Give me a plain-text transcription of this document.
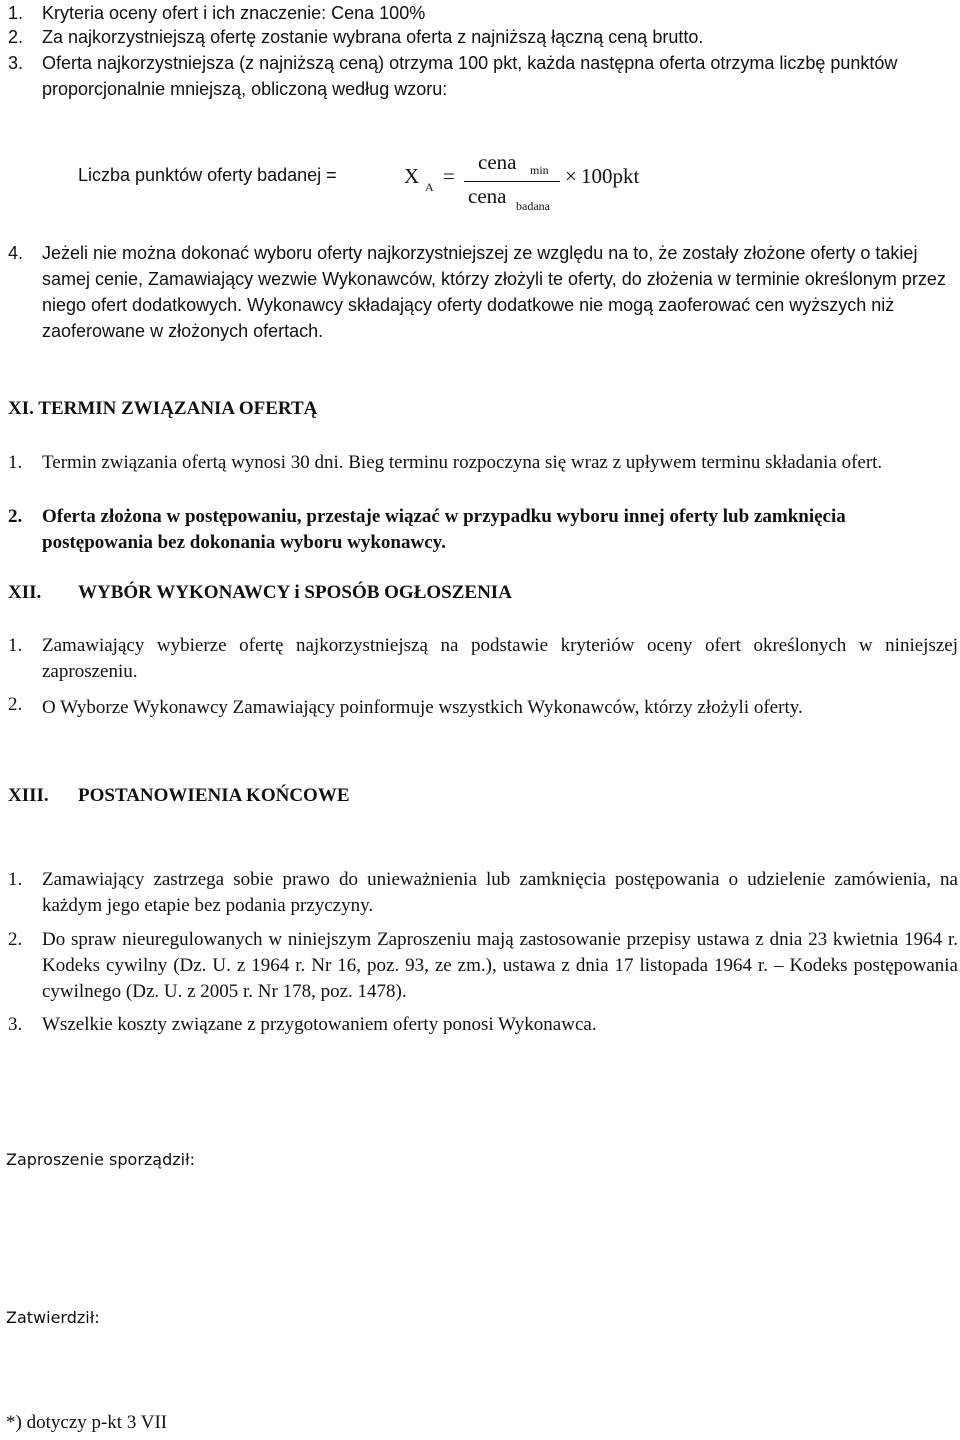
1. Kryteria oceny ofert i ich znaczenie: Cena 100%
2. Za najkorzystniejszą ofertę zostanie wybrana oferta z najniższą łączną ceną brutto.
3. Oferta najkorzystniejsza (z najniższą ceną) otrzyma 100 pkt, każda następna oferta otrzyma liczbę punktów proporcjonalnie mniejszą, obliczoną według wzoru:
Liczba punktów oferty badanej =	X A =
cena min
cena badana
× 100pkt
4. Jeżeli nie można dokonać wyboru oferty najkorzystniejszej ze względu na to, że zostały złożone oferty o takiej samej cenie, Zamawiający wezwie Wykonawców, którzy złożyli te oferty, do złożenia w terminie określonym przez niego ofert dodatkowych. Wykonawcy składający oferty dodatkowe nie mogą zaoferować cen wyższych niż zaoferowane w złożonych ofertach.
XI. TERMIN ZWIĄZANIA OFERTĄ
1. Termin związania ofertą wynosi 30 dni. Bieg terminu rozpoczyna się wraz z upływem terminu składania ofert.
2. Oferta złożona w postępowaniu, przestaje wiązać w przypadku wyboru innej oferty lub zamknięcia postępowania bez dokonania wyboru wykonawcy.
XII. WYBÓR WYKONAWCY i SPOSÓB OGŁOSZENIA
1. Zamawiający wybierze ofertę najkorzystniejszą na podstawie kryteriów oceny ofert określonych w niniejszej zaproszeniu.
2. O Wyborze Wykonawcy Zamawiający poinformuje wszystkich Wykonawców, którzy złożyli oferty.
XIII. POSTANOWIENIA KOŃCOWE
1. Zamawiający zastrzega sobie prawo do unieważnienia lub zamknięcia postępowania o udzielenie zamówienia, na każdym jego etapie bez podania przyczyny.
2. Do spraw nieuregulowanych w niniejszym Zaproszeniu mają zastosowanie przepisy ustawa z dnia 23 kwietnia 1964 r. Kodeks cywilny (Dz. U. z 1964 r. Nr 16, poz. 93, ze zm.), ustawa z dnia 17 listopada 1964 r. – Kodeks postępowania cywilnego (Dz. U. z 2005 r. Nr 178, poz. 1478).
3. Wszelkie koszty związane z przygotowaniem oferty ponosi Wykonawca.
Zaproszenie sporządził:
Zatwierdził:
*) dotyczy p-kt 3 VII
